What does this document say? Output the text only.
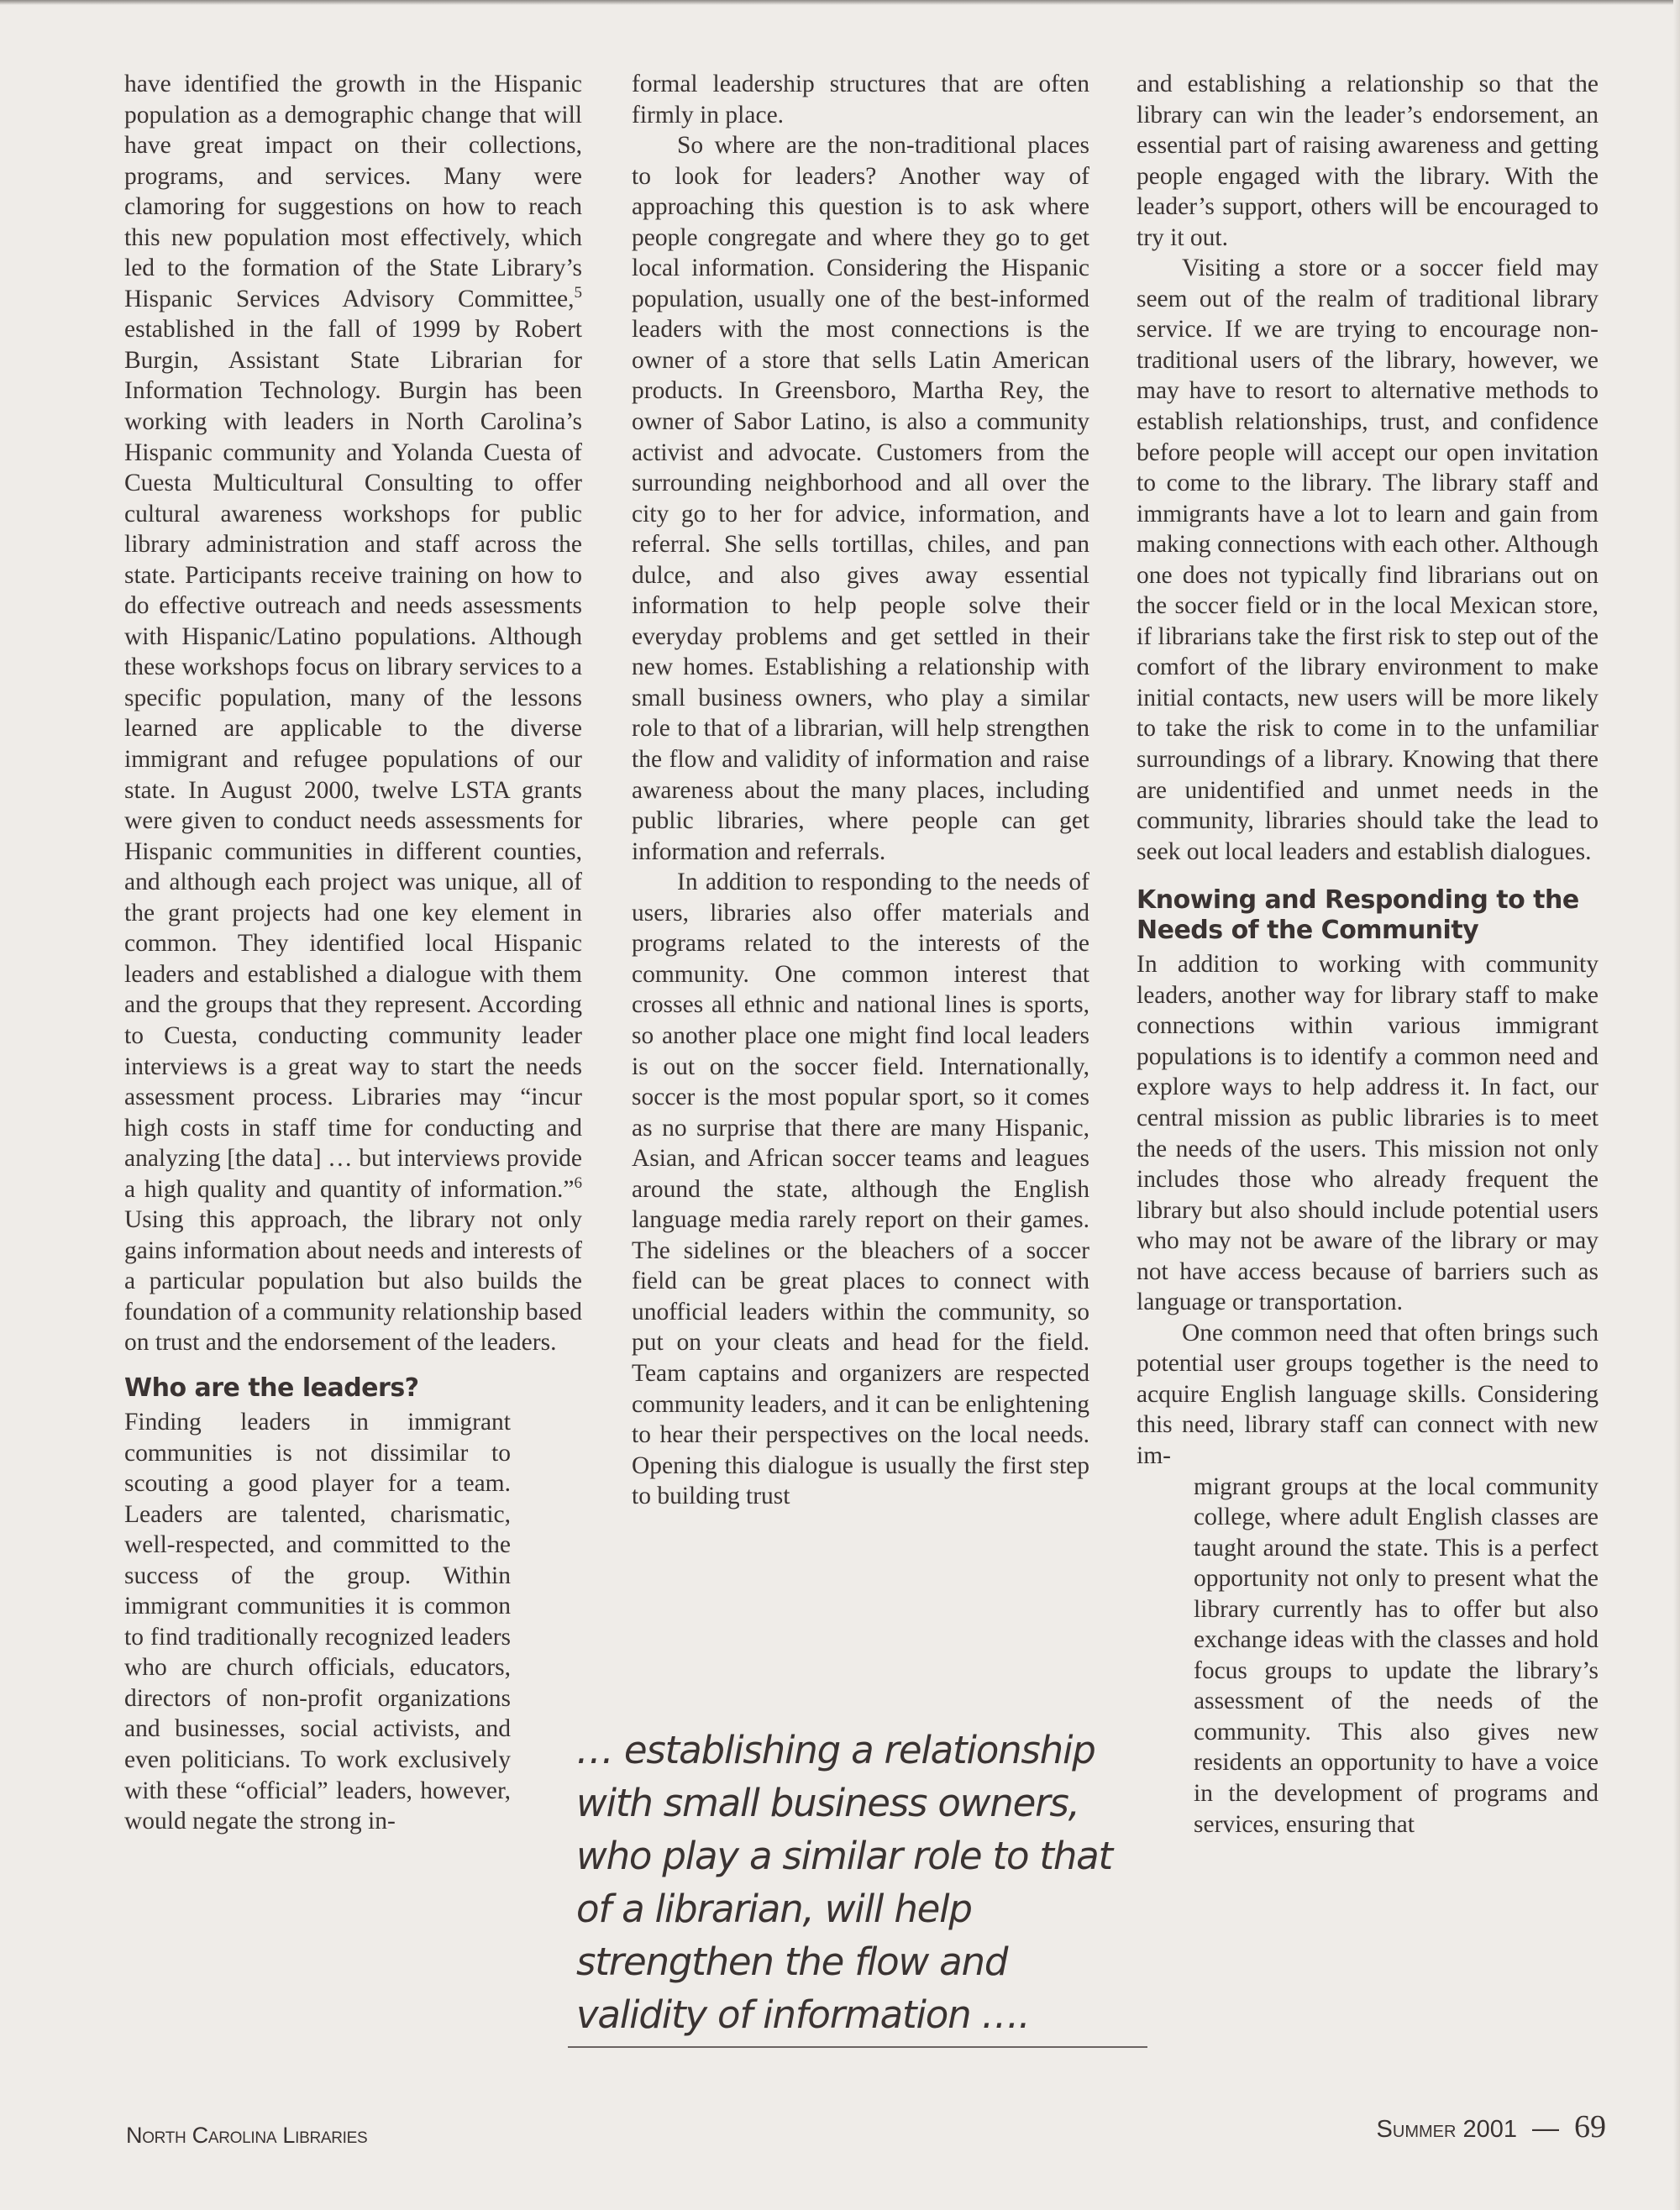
have identified the growth in the Hispanic population as a demographic change that will have great impact on their collections, programs, and services. Many were clamoring for suggestions on how to reach this new population most effectively, which led to the formation of the State Library’s Hispanic Services Advisory Committee,$^5$ established in the fall of 1999 by Robert Burgin, Assistant State Librarian for Information Technology. Burgin has been working with leaders in North Carolina’s Hispanic community and Yolanda Cuesta of Cuesta Multicultural Consulting to offer cultural awareness workshops for public library administration and staff across the state. Participants receive training on how to do effective outreach and needs assessments with Hispanic/Latino populations. Although these workshops focus on library services to a specific population, many of the lessons learned are applicable to the diverse immigrant and refugee populations of our state. In August 2000, twelve LSTA grants were given to conduct needs assessments for Hispanic communities in different counties, and although each project was unique, all of the grant projects had one key element in common. They identified local Hispanic leaders and established a dialogue with them and the groups that they represent. According to Cuesta, conducting community leader interviews is a great way to start the needs assessment process. Libraries may “incur high costs in staff time for conducting and analyzing [the data] … but interviews provide a high quality and quantity of information.”$^6$ Using this approach, the library not only gains information about needs and interests of a particular population but also builds the foundation of a community relationship based on trust and the endorsement of the leaders.

Who are the leaders?

Finding leaders in immigrant communities is not dissimilar to scouting a good player for a team. Leaders are talented, charismatic, well-respected, and committed to the success of the group. Within immigrant communities it is common to find traditionally recognized leaders who are church officials, educators, directors of non-profit organizations and businesses, social activists, and even politicians. To work exclusively with these “official” leaders, however, would negate the strong in-

formal leadership structures that are often firmly in place.

So where are the non-traditional places to look for leaders? Another way of approaching this question is to ask where people congregate and where they go to get local information. Considering the Hispanic population, usually one of the best-informed leaders with the most connections is the owner of a store that sells Latin American products. In Greensboro, Martha Rey, the owner of Sabor Latino, is also a community activist and advocate. Customers from the surrounding neighborhood and all over the city go to her for advice, information, and referral. She sells tortillas, chiles, and pan dulce, and also gives away essential information to help people solve their everyday problems and get settled in their new homes. Establishing a relationship with small business owners, who play a similar role to that of a librarian, will help strengthen the flow and validity of information and raise awareness about the many places, including public libraries, where people can get information and referrals.

In addition to responding to the needs of users, libraries also offer materials and programs related to the interests of the community. One common interest that crosses all ethnic and national lines is sports, so another place one might find local leaders is out on the soccer field. Internationally, soccer is the most popular sport, so it comes as no surprise that there are many Hispanic, Asian, and African soccer teams and leagues around the state, although the English language media rarely report on their games. The sidelines or the bleachers of a soccer field can be great places to connect with unofficial leaders within the community, so put on your cleats and head for the field. Team captains and organizers are respected community leaders, and it can be enlightening to hear their perspectives on the local needs. Opening this dialogue is usually the first step to building trust

and establishing a relationship so that the library can win the leader’s endorsement, an essential part of raising awareness and getting people engaged with the library. With the leader’s support, others will be encouraged to try it out.

Visiting a store or a soccer field may seem out of the realm of traditional library service. If we are trying to encourage non-traditional users of the library, however, we may have to resort to alternative methods to establish relationships, trust, and confidence before people will accept our open invitation to come to the library. The library staff and immigrants have a lot to learn and gain from making connections with each other. Although one does not typically find librarians out on the soccer field or in the local Mexican store, if librarians take the first risk to step out of the comfort of the library environment to make initial contacts, new users will be more likely to take the risk to come in to the unfamiliar surroundings of a library. Knowing that there are unidentified and unmet needs in the community, libraries should take the lead to seek out local leaders and establish dialogues.

Knowing and Responding to the Needs of the Community

In addition to working with community leaders, another way for library staff to make connections within various immigrant populations is to identify a common need and explore ways to help address it. In fact, our central mission as public libraries is to meet the needs of the users. This mission not only includes those who already frequent the library but also should include potential users who may not be aware of the library or may not have access because of barriers such as language or transportation.

One common need that often brings such potential user groups together is the need to acquire English language skills. Considering this need, library staff can connect with new im-

migrant groups at the local community college, where adult English classes are taught around the state. This is a perfect opportunity not only to present what the library currently has to offer but also exchange ideas with the classes and hold focus groups to update the library’s assessment of the needs of the community. This also gives new residents an opportunity to have a voice in the development of programs and services, ensuring that

… establishing a relationship
with small business owners,
who play a similar role to that
of a librarian, will help
strengthen the flow and
validity of information ….
North Carolina Libraries	Summer 2001 — 69
